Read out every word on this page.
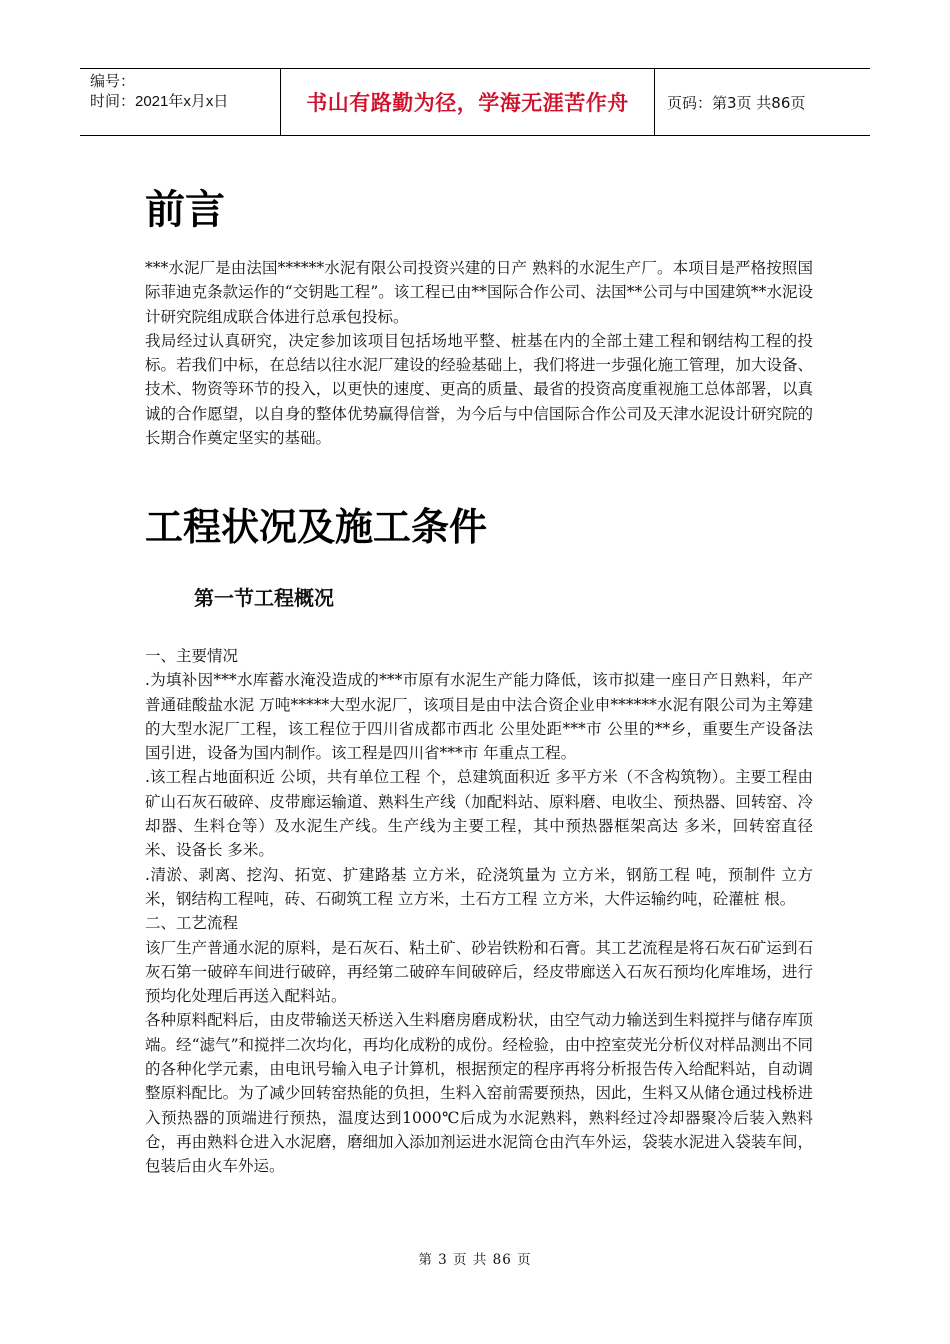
编号：
时间：2021年x月x日	书山有路勤为径，学海无涯苦作舟	页码：第3页 共86页
前言

***水泥厂是由法国******水泥有限公司投资兴建的日产 熟料的水泥生产厂。本项目是严格按照国际菲迪克条款运作的“交钥匙工程”。该工程已由**国际合作公司、法国**公司与中国建筑**水泥设计研究院组成联合体进行总承包投标。

我局经过认真研究，决定参加该项目包括场地平整、桩基在内的全部土建工程和钢结构工程的投标。若我们中标，在总结以往水泥厂建设的经验基础上，我们将进一步强化施工管理，加大设备、技术、物资等环节的投入，以更快的速度、更高的质量、最省的投资高度重视施工总体部署，以真诚的合作愿望，以自身的整体优势赢得信誉，为今后与中信国际合作公司及天津水泥设计研究院的长期合作奠定坚实的基础。

工程状况及施工条件
第一节工程概况

一、主要情况

.为填补因***水库蓄水淹没造成的***市原有水泥生产能力降低，该市拟建一座日产日熟料，年产 普通硅酸盐水泥 万吨*****大型水泥厂，该项目是由中法合资企业申******水泥有限公司为主筹建的大型水泥厂工程，该工程位于四川省成都市西北 公里处距***市 公里的**乡，重要生产设备法国引进，设备为国内制作。该工程是四川省***市 年重点工程。

.该工程占地面积近 公顷，共有单位工程 个，总建筑面积近 多平方米（不含构筑物）。主要工程由矿山石灰石破碎、皮带廊运输道、熟料生产线（加配料站、原料磨、电收尘、预热器、回转窑、冷却器、生料仓等）及水泥生产线。生产线为主要工程，其中预热器框架高达 多米，回转窑直径 米、设备长 多米。

.清淤、剥离、挖沟、拓宽、扩建路基 立方米，砼浇筑量为 立方米，钢筋工程 吨，预制件 立方米，钢结构工程吨，砖、石砌筑工程 立方米，土石方工程 立方米，大件运输约吨，砼灌桩 根。

二、工艺流程

该厂生产普通水泥的原料，是石灰石、粘土矿、砂岩铁粉和石膏。其工艺流程是将石灰石矿运到石灰石第一破碎车间进行破碎，再经第二破碎车间破碎后，经皮带廊送入石灰石预均化库堆场，进行预均化处理后再送入配料站。

各种原料配料后，由皮带输送天桥送入生料磨房磨成粉状，由空气动力输送到生料搅拌与储存库顶端。经“滤气”和搅拌二次均化，再均化成粉的成份。经检验，由中控室荧光分析仪对样品测出不同的各种化学元素，由电讯号输入电子计算机，根据预定的程序再将分析报告传入给配料站，自动调整原料配比。为了减少回转窑热能的负担，生料入窑前需要预热，因此，生料又从储仓通过栈桥进入预热器的顶端进行预热，温度达到1000℃后成为水泥熟料，熟料经过冷却器聚冷后装入熟料仓，再由熟料仓进入水泥磨，磨细加入添加剂运进水泥筒仓由汽车外运，袋装水泥进入袋装车间，包装后由火车外运。

第 3 页 共 86 页
